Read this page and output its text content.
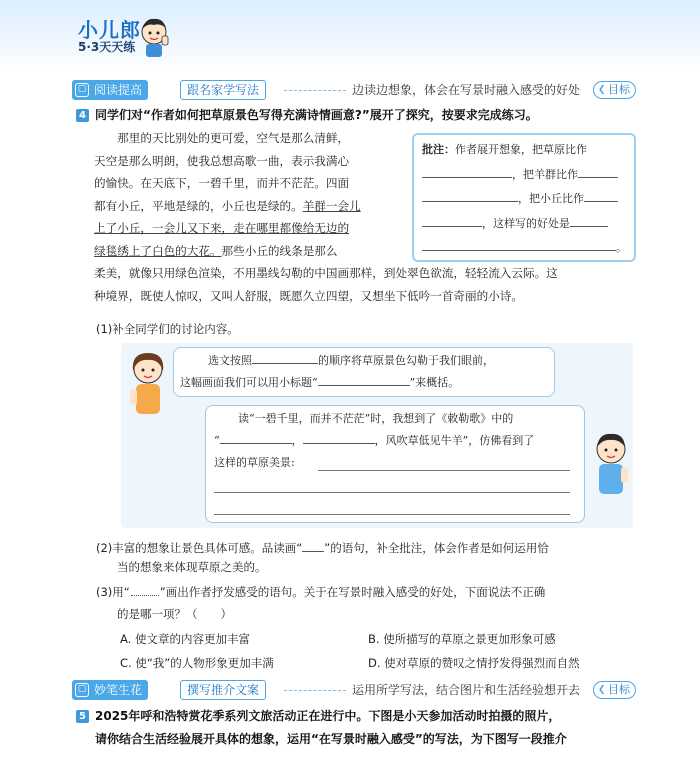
小儿郎
5·3天天练
▢ 阅读提高	跟名家学写法	边读边想象，体会在写景时融入感受的好处	❮ 目标
4 同学们对“作者如何把草原景色写得充满诗情画意?”展开了探究，按要求完成练习。
　　那里的天比别处的更可爱，空气是那么清鲜，
天空是那么明朗，使我总想高歌一曲，表示我满心
的愉快。在天底下，一碧千里，而并不茫茫。四面
都有小丘，平地是绿的，小丘也是绿的。羊群一会儿
上了小丘，一会儿又下来，走在哪里都像给无边的
绿毯绣上了白色的大花。那些小丘的线条是那么
柔美，就像只用绿色渲染，不用墨线勾勒的中国画那样，到处翠色欲流，轻轻流入云际。这
种境界，既使人惊叹，又叫人舒服，既愿久立四望，又想坐下低吟一首奇丽的小诗。
批注：作者展开想象，把草原比作
，把羊群比作
，把小丘比作
，这样写的好处是
。
(1)补全同学们的讨论内容。
选文按照	的顺序将草原景色勾勒于我们眼前，
这幅画面我们可以用小标题“	”来概括。
读“一碧千里，而并不茫茫”时，我想到了《敕勒歌》中的
“	，	，风吹草低见牛羊”，仿佛看到了
这样的草原美景:
(2)丰富的想象让景色具体可感。品读画“ ”的语句，补全批注，体会作者是如何运用恰
当的想象来体现草原之美的。
(3)用“	”画出作者抒发感受的语句。关于在写景时融入感受的好处，下面说法不正确
的是哪一项？（　　）
A. 使文章的内容更加丰富	B. 使所描写的草原之景更加形象可感
C. 使“我”的人物形象更加丰满	D. 使对草原的赞叹之情抒发得强烈而自然
▢ 妙笔生花	撰写推介文案	运用所学写法，结合图片和生活经验想开去	❮ 目标
5 2025年呼和浩特赏花季系列文旅活动正在进行中。下图是小天参加活动时拍摄的照片，
请你结合生活经验展开具体的想象，运用“在写景时融入感受”的写法，为下图写一段推介
